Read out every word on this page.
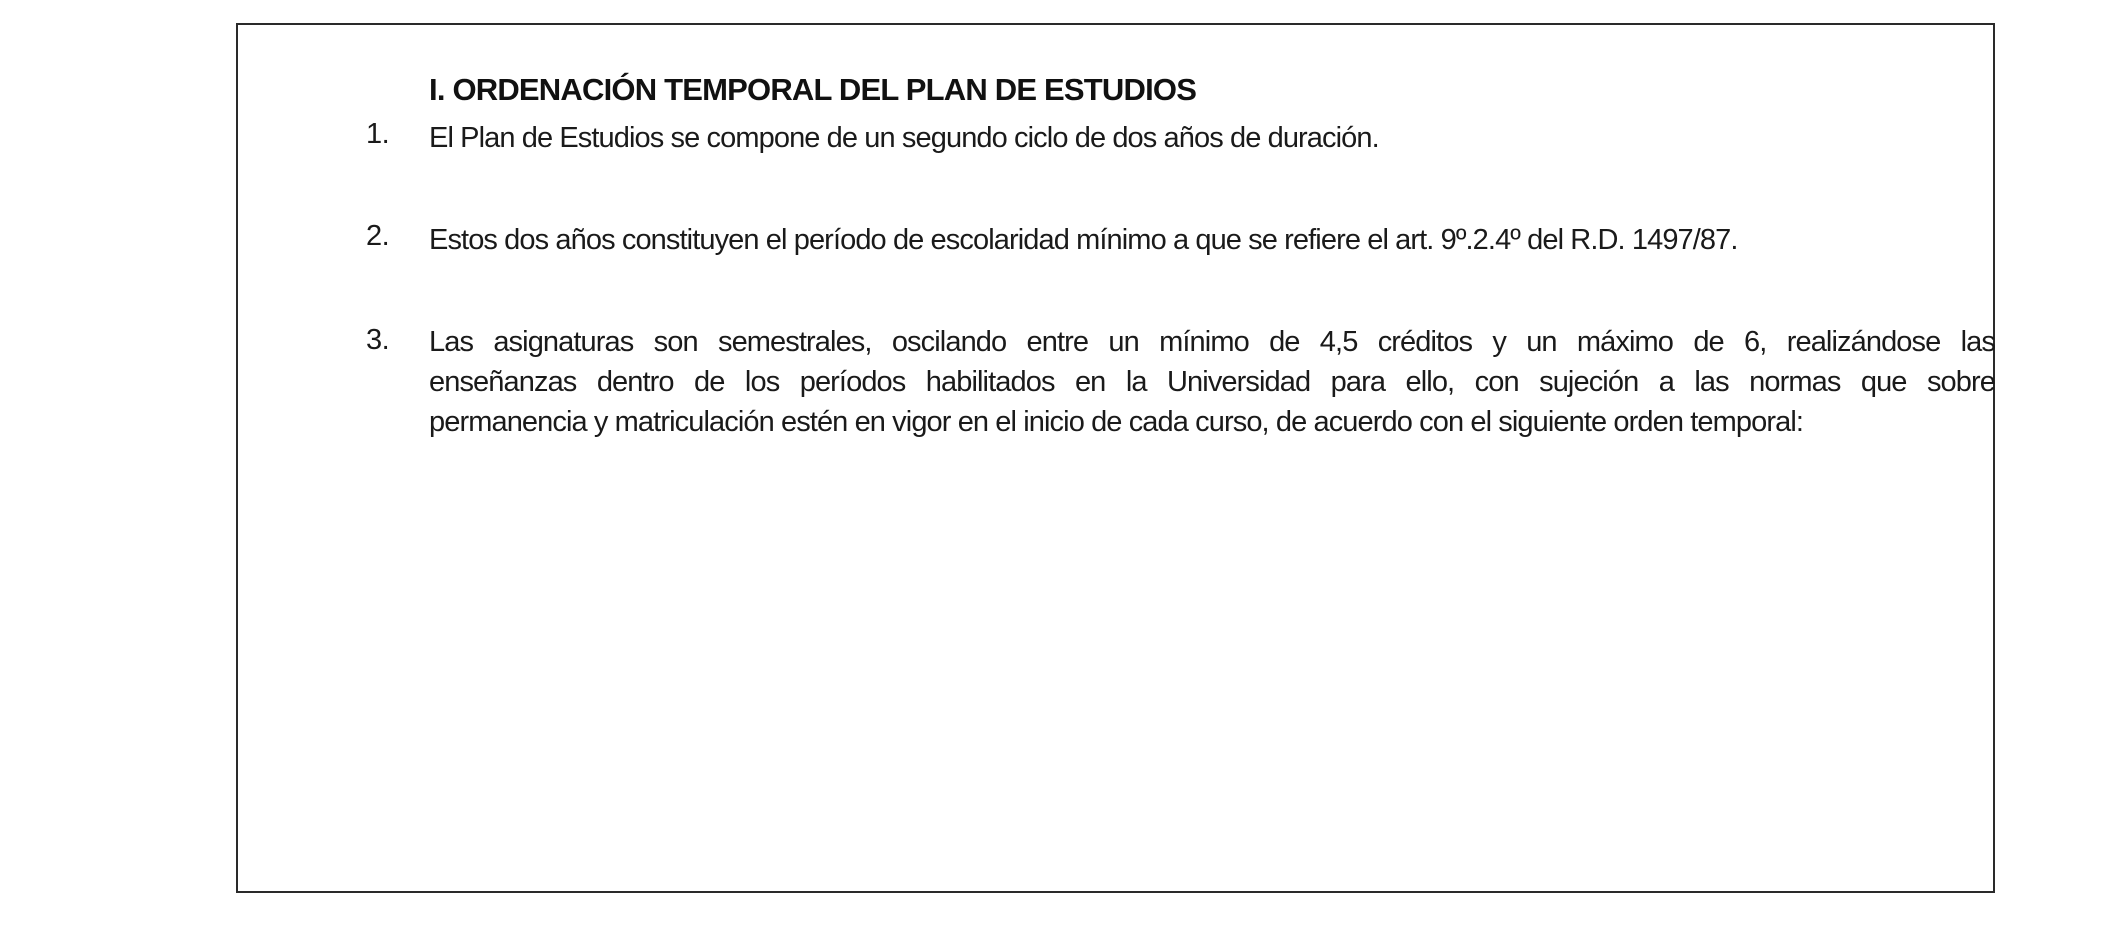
I. ORDENACIÓN TEMPORAL DEL PLAN DE ESTUDIOS
1. El Plan de Estudios se compone de un segundo ciclo de dos años de duración.
2. Estos dos años constituyen el período de escolaridad mínimo a que se refiere el art. 9º.2.4º del R.D. 1497/87.
3. Las asignaturas son semestrales, oscilando entre un mínimo de 4,5 créditos y un máximo de 6, realizándose las
enseñanzas dentro de los períodos habilitados en la Universidad para ello, con sujeción a las normas que sobre
permanencia y matriculación estén en vigor en el inicio de cada curso, de acuerdo con el siguiente orden temporal:
